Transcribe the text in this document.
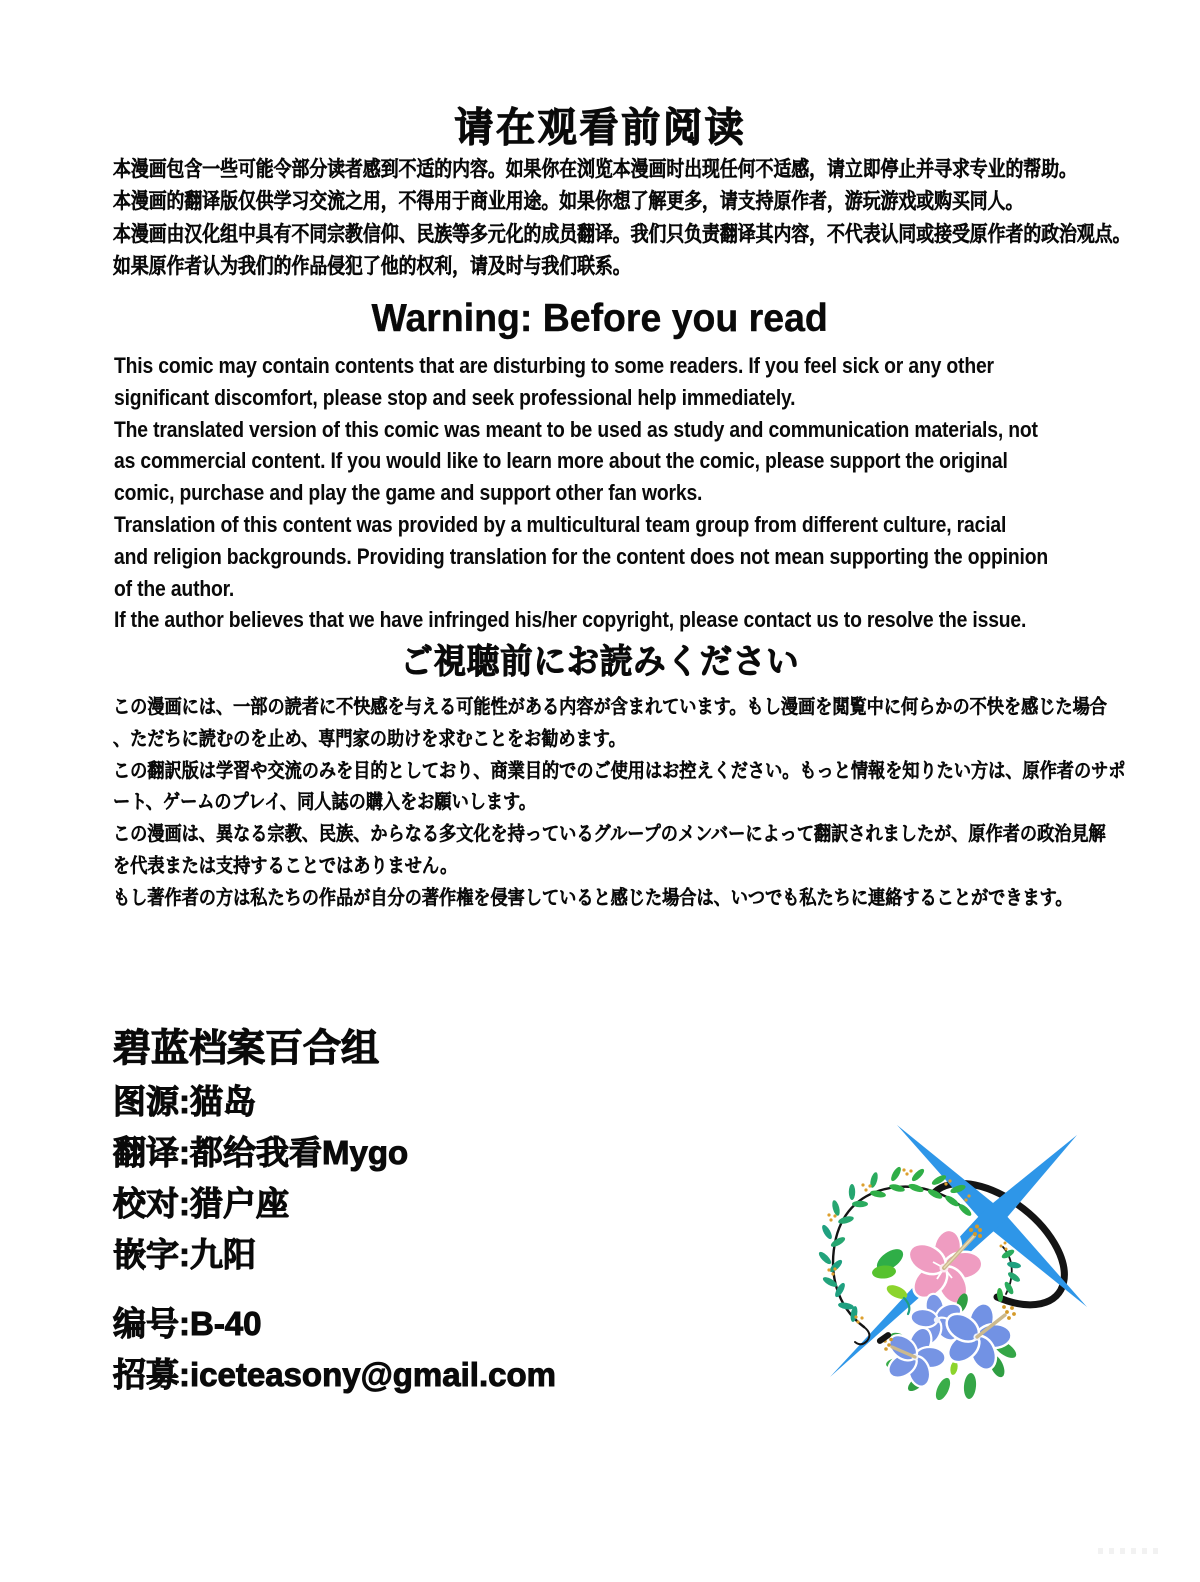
请在观看前阅读
本漫画包含一些可能令部分读者感到不适的内容。如果你在浏览本漫画时出现任何不适感，请立即停止并寻求专业的帮助。
本漫画的翻译版仅供学习交流之用，不得用于商业用途。如果你想了解更多，请支持原作者，游玩游戏或购买同人。
本漫画由汉化组中具有不同宗教信仰、民族等多元化的成员翻译。我们只负责翻译其内容，不代表认同或接受原作者的政治观点。
如果原作者认为我们的作品侵犯了他的权利，请及时与我们联系。
Warning: Before you read
This comic may contain contents that are disturbing to some readers. If you feel sick or any other
significant discomfort, please stop and seek professional help immediately.
The translated version of this comic was meant to be used as study and communication materials, not
as commercial content. If you would like to learn more about the comic, please support the original
comic, purchase and play the game and support other fan works.
Translation of this content was provided by a multicultural team group from different culture, racial
and religion backgrounds. Providing translation for the content does not mean supporting the oppinion
of the author.
If the author believes that we have infringed his/her copyright, please contact us to resolve the issue.
ご視聴前にお読みください
この漫画には、一部の読者に不快感を与える可能性がある内容が含まれています。もし漫画を閲覧中に何らかの不快を感じた場合
、ただちに読むのを止め、専門家の助けを求むことをお勧めます。
この翻訳版は学習や交流のみを目的としており、商業目的でのご使用はお控えください。もっと情報を知りたい方は、原作者のサポ
ート、ゲームのプレイ、同人誌の購入をお願いします。
この漫画は、異なる宗教、民族、からなる多文化を持っているグループのメンバーによって翻訳されましたが、原作者の政治見解
を代表または支持することではありません。
もし著作者の方は私たちの作品が自分の著作権を侵害していると感じた場合は、いつでも私たちに連絡することができます。
碧蓝档案百合组
图源:猫岛
翻译:都给我看Mygo
校对:猎户座
嵌字:九阳
编号:B-40
招募:iceteasony@gmail.com
